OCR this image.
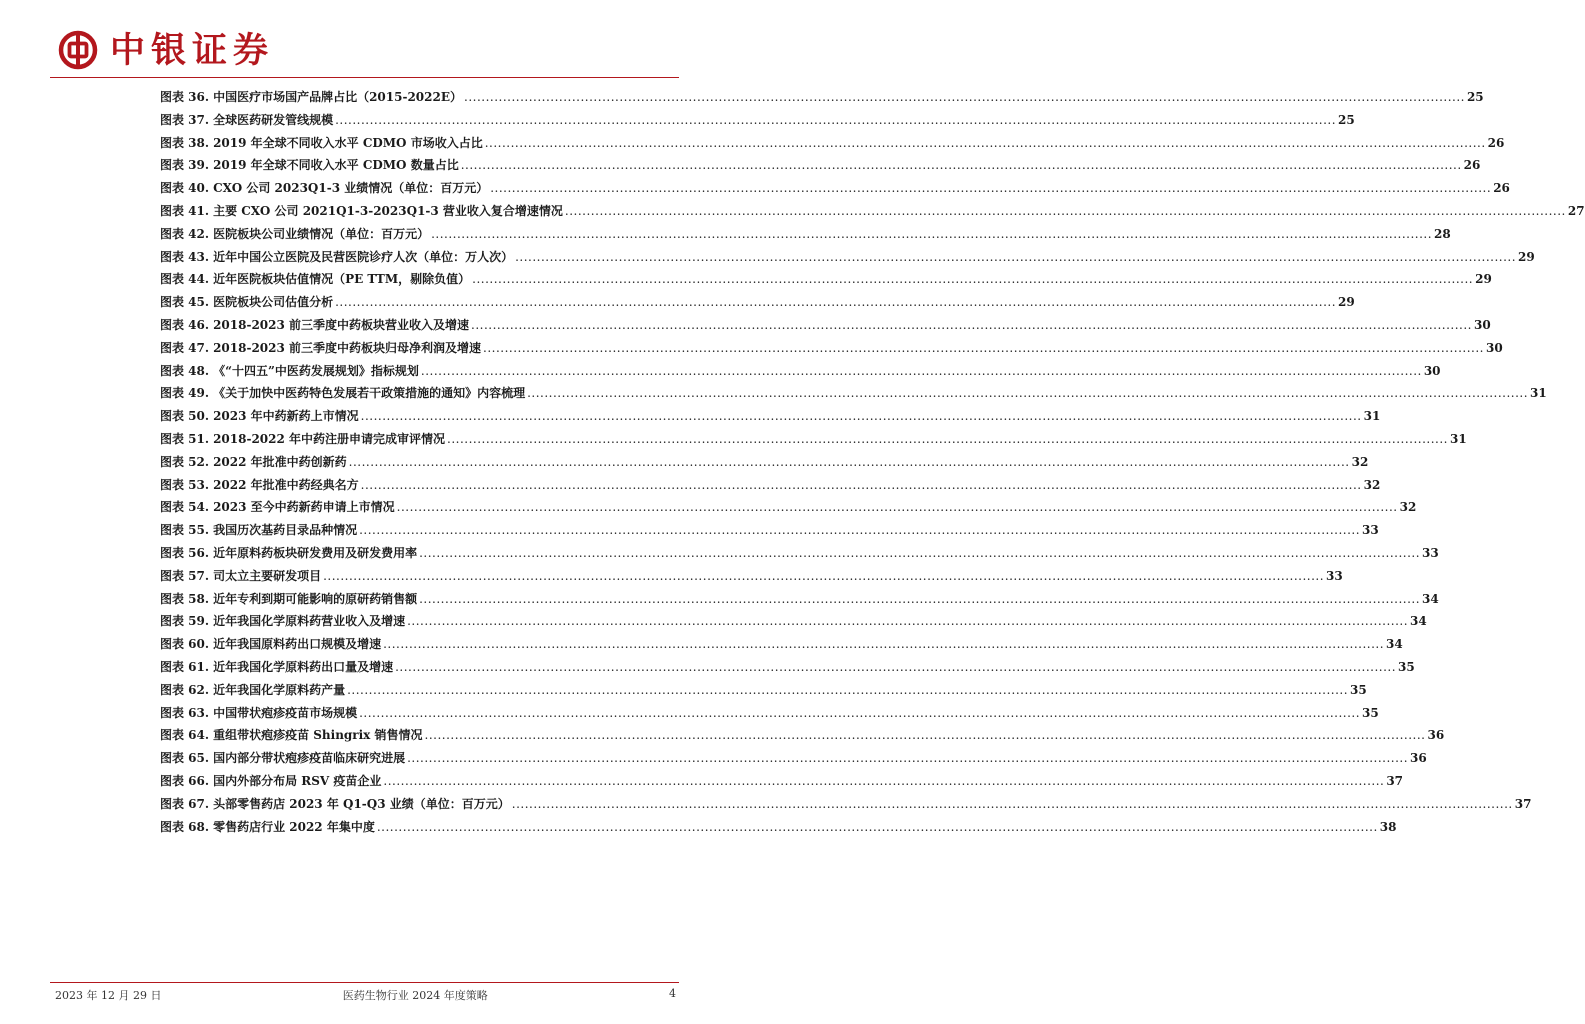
中银证券
图表 36. 中国医疗市场国产品牌占比（2015-2022E） .....	25
图表 37. 全球医药研发管线规模 .....	25
图表 38. 2019 年全球不同收入水平 CDMO 市场收入占比 .....	26
图表 39. 2019 年全球不同收入水平 CDMO 数量占比 .....	26
图表 40. CXO 公司 2023Q1-3 业绩情况（单位：百万元） .....	26
图表 41. 主要 CXO 公司 2021Q1-3-2023Q1-3 营业收入复合增速情况 .....	27
图表 42. 医院板块公司业绩情况（单位：百万元） .....	28
图表 43. 近年中国公立医院及民营医院诊疗人次（单位：万人次） .....	29
图表 44. 近年医院板块估值情况（PE TTM，剔除负值） .....	29
图表 45. 医院板块公司估值分析 .....	29
图表 46. 2018-2023 前三季度中药板块营业收入及增速 .....	30
图表 47. 2018-2023 前三季度中药板块归母净利润及增速 .....	30
图表 48. 《“十四五”中医药发展规划》指标规划 .....	30
图表 49. 《关于加快中医药特色发展若干政策措施的通知》内容梳理 .....	31
图表 50. 2023 年中药新药上市情况 .....	31
图表 51. 2018-2022 年中药注册申请完成审评情况 .....	31
图表 52. 2022 年批准中药创新药 .....	32
图表 53. 2022 年批准中药经典名方 .....	32
图表 54. 2023 至今中药新药申请上市情况 .....	32
图表 55. 我国历次基药目录品种情况 .....	33
图表 56. 近年原料药板块研发费用及研发费用率 .....	33
图表 57. 司太立主要研发项目 .....	33
图表 58. 近年专利到期可能影响的原研药销售额 .....	34
图表 59. 近年我国化学原料药营业收入及增速 .....	34
图表 60. 近年我国原料药出口规模及增速 .....	34
图表 61. 近年我国化学原料药出口量及增速 .....	35
图表 62. 近年我国化学原料药产量 .....	35
图表 63. 中国带状疱疹疫苗市场规模 .....	35
图表 64. 重组带状疱疹疫苗 Shingrix 销售情况 .....	36
图表 65. 国内部分带状疱疹疫苗临床研究进展 .....	36
图表 66. 国内外部分布局 RSV 疫苗企业 .....	37
图表 67. 头部零售药店 2023 年 Q1-Q3 业绩（单位：百万元） .....	37
图表 68. 零售药店行业 2022 年集中度 .....	38
2023 年 12 月 29 日	医药生物行业 2024 年度策略	4
